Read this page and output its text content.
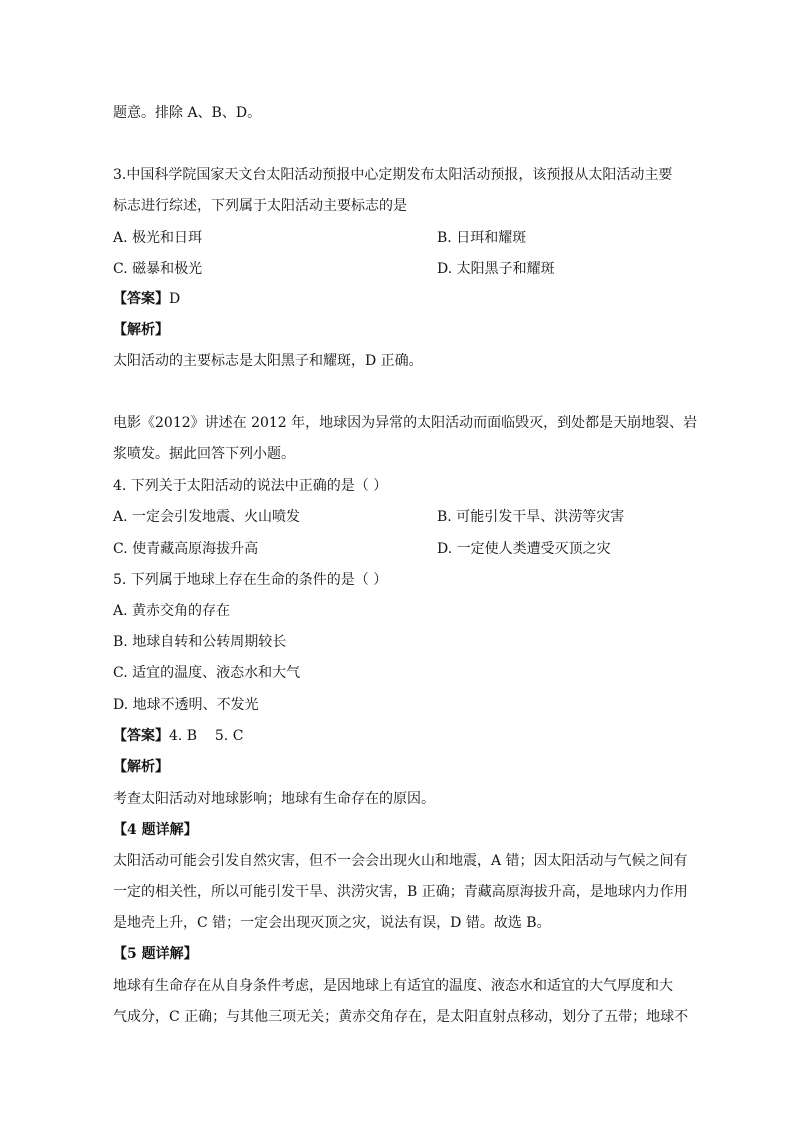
题意。排除 A、B、D。
3.中国科学院国家天文台太阳活动预报中心定期发布太阳活动预报，该预报从太阳活动主要
标志进行综述，下列属于太阳活动主要标志的是
A. 极光和日珥	B. 日珥和耀斑
C. 磁暴和极光	D. 太阳黑子和耀斑
【答案】D
【解析】
太阳活动的主要标志是太阳黑子和耀斑，D 正确。
电影《2012》讲述在 2012 年，地球因为异常的太阳活动而面临毁灭，到处都是天崩地裂、岩
浆喷发。据此回答下列小题。
4. 下列关于太阳活动的说法中正确的是（ ）
A. 一定会引发地震、火山喷发	B. 可能引发干旱、洪涝等灾害
C. 使青藏高原海拔升高	D. 一定使人类遭受灭顶之灾
5. 下列属于地球上存在生命的条件的是（ ）
A. 黄赤交角的存在
B. 地球自转和公转周期较长
C. 适宜的温度、液态水和大气
D. 地球不透明、不发光
【答案】4. B    5. C
【解析】
考查太阳活动对地球影响；地球有生命存在的原因。
【4 题详解】
太阳活动可能会引发自然灾害，但不一会会出现火山和地震，A 错；因太阳活动与气候之间有
一定的相关性，所以可能引发干旱、洪涝灾害，B 正确；青藏高原海拔升高，是地球内力作用
是地壳上升，C 错；一定会出现灭顶之灾，说法有误，D 错。故选 B。
【5 题详解】
地球有生命存在从自身条件考虑，是因地球上有适宜的温度、液态水和适宜的大气厚度和大
气成分，C 正确；与其他三项无关；黄赤交角存在，是太阳直射点移动，划分了五带；地球不
